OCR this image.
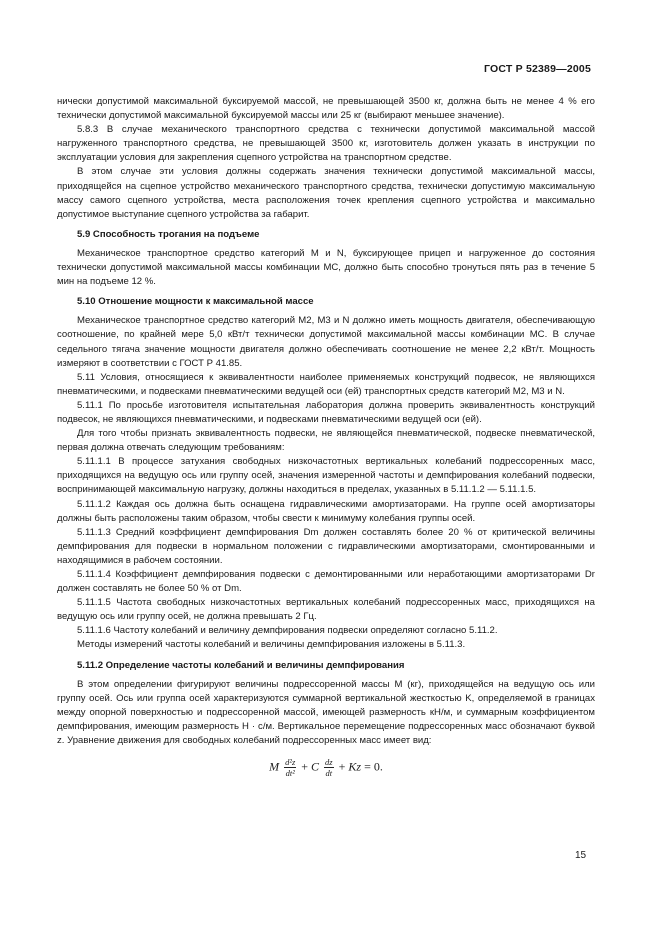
ГОСТ Р 52389—2005

нически допустимой максимальной буксируемой массой, не превышающей 3500 кг, должна быть не менее 4 % его технически допустимой максимальной буксируемой массы или 25 кг (выбирают меньшее значение).

5.8.3 В случае механического транспортного средства с технически допустимой максимальной массой нагруженного транспортного средства, не превышающей 3500 кг, изготовитель должен указать в инструкции по эксплуатации условия для закрепления сцепного устройства на транспортном средстве.

В этом случае эти условия должны содержать значения технически допустимой максимальной массы, приходящейся на сцепное устройство механического транспортного средства, технически допустимую максимальную массу самого сцепного устройства, места расположения точек крепления сцепного устройства и максимально допустимое выступание сцепного устройства за габарит.

5.9 Способность трогания на подъеме

Механическое транспортное средство категорий M и N, буксирующее прицеп и нагруженное до состояния технически допустимой максимальной массы комбинации MC, должно быть способно тронуться пять раз в течение 5 мин на подъеме 12 %.

5.10 Отношение мощности к максимальной массе

Механическое транспортное средство категорий M2, M3 и N должно иметь мощность двигателя, обеспечивающую соотношение, по крайней мере 5,0 кВт/т технически допустимой максимальной массы комбинации MC. В случае седельного тягача значение мощности двигателя должно обеспечивать соотношение не менее 2,2 кВт/т. Мощность измеряют в соответствии с ГОСТ Р 41.85.

5.11 Условия, относящиеся к эквивалентности наиболее применяемых конструкций подвесок, не являющихся пневматическими, и подвесками пневматическими ведущей оси (ей) транспортных средств категорий M2, M3 и N.

5.11.1 По просьбе изготовителя испытательная лаборатория должна проверить эквивалентность конструкций подвесок, не являющихся пневматическими, и подвесками пневматическими ведущей оси (ей).

Для того чтобы признать эквивалентность подвески, не являющейся пневматической, подвеске пневматической, первая должна отвечать следующим требованиям:

5.11.1.1 В процессе затухания свободных низкочастотных вертикальных колебаний подрессоренных масс, приходящихся на ведущую ось или группу осей, значения измеренной частоты и демпфирования колебаний подвески, воспринимающей максимальную нагрузку, должны находиться в пределах, указанных в 5.11.1.2 — 5.11.1.5.

5.11.1.2 Каждая ось должна быть оснащена гидравлическими амортизаторами. На группе осей амортизаторы должны быть расположены таким образом, чтобы свести к минимуму колебания группы осей.

5.11.1.3 Средний коэффициент демпфирования Dm должен составлять более 20 % от критической величины демпфирования для подвески в нормальном положении с гидравлическими амортизаторами, смонтированными и находящимися в рабочем состоянии.

5.11.1.4 Коэффициент демпфирования подвески с демонтированными или неработающими амортизаторами Dr должен составлять не более 50 % от Dm.

5.11.1.5 Частота свободных низкочастотных вертикальных колебаний подрессоренных масс, приходящихся на ведущую ось или группу осей, не должна превышать 2 Гц.

5.11.1.6 Частоту колебаний и величину демпфирования подвески определяют согласно 5.11.2.

Методы измерений частоты колебаний и величины демпфирования изложены в 5.11.3.

5.11.2 Определение частоты колебаний и величины демпфирования

В этом определении фигурируют величины подрессоренной массы M (кг), приходящейся на ведущую ось или группу осей. Ось или группа осей характеризуются суммарной вертикальной жесткостью K, определяемой в границах между опорной поверхностью и подрессоренной массой, имеющей размерность кН/м, и суммарным коэффициентом демпфирования, имеющим размерность Н · с/м. Вертикальное перемещение подрессоренных масс обозначают буквой z. Уравнение движения для свободных колебаний подрессоренных масс имеет вид:

M $\frac{\text{d²z}}{\text{dt²}} + C \frac{dz}{dt} + Kz = 0$.
15
